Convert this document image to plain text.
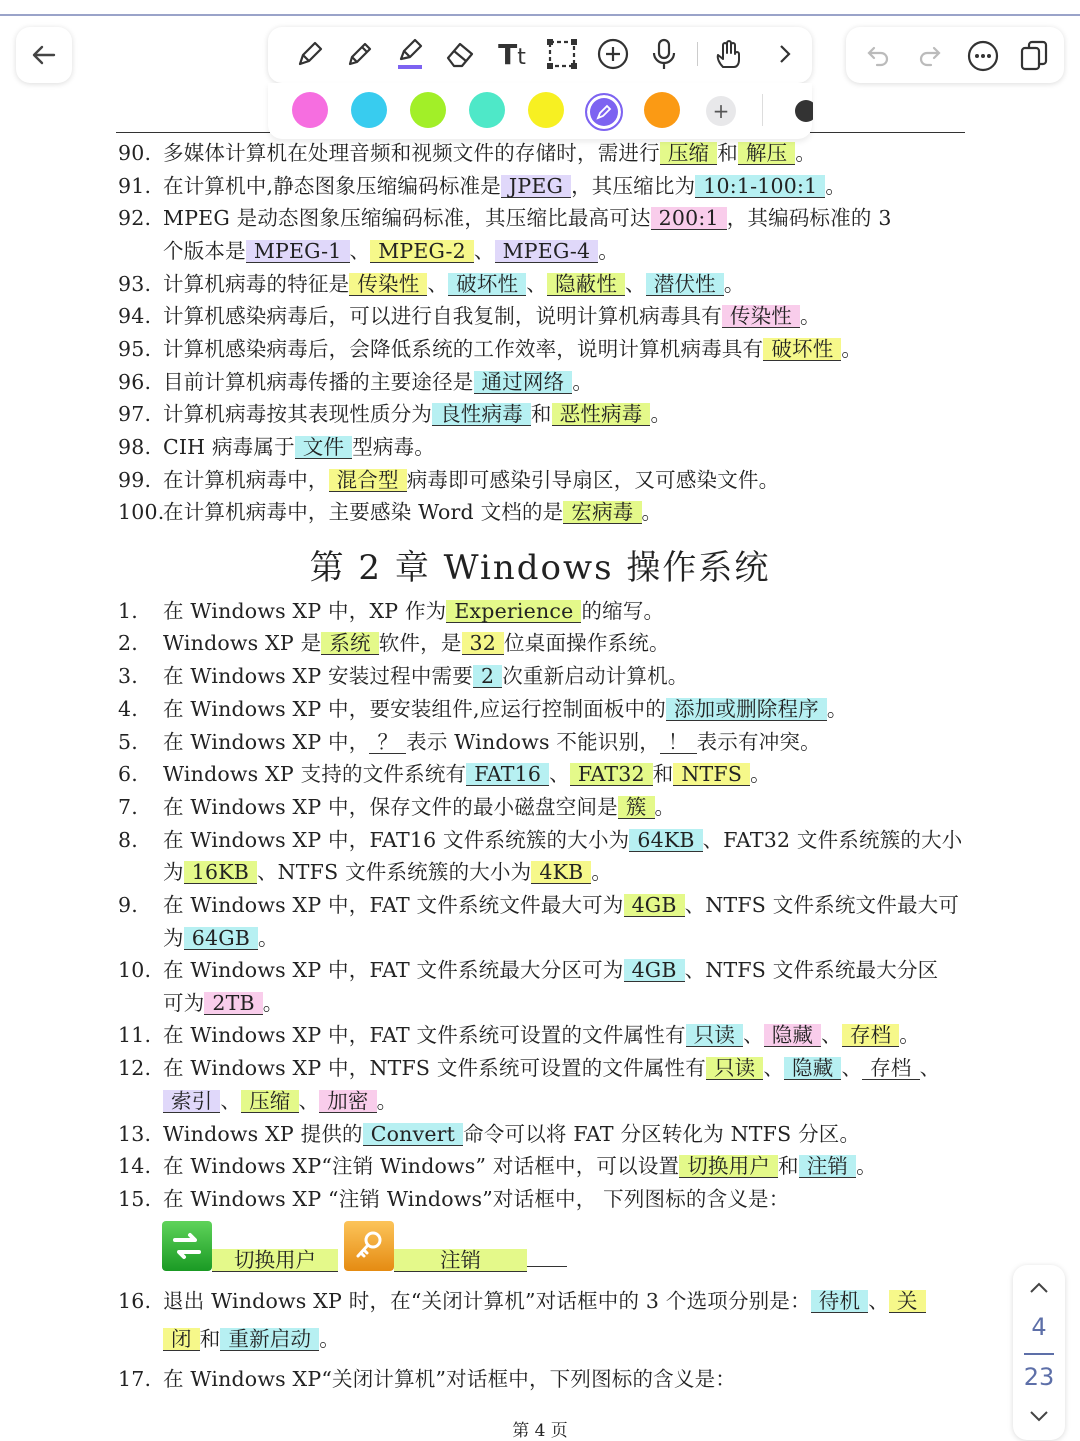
第 2 章 Windows 操作系统
切换用户	注销
第 4 页
90. 多媒体计算机在处理音频和视频文件的存储时，需进行 压缩 和 解压 。
91. 在计算机中,静态图象压缩编码标准是 JPEG ，其压缩比为 10:1-100:1 。
92. MPEG 是动态图象压缩编码标准，其压缩比最高可达 200:1 ，其编码标准的 3
个版本是 MPEG-1 、 MPEG-2 、 MPEG-4 。
93. 计算机病毒的特征是 传染性 、 破坏性 、 隐蔽性 、 潜伏性 。
94. 计算机感染病毒后，可以进行自我复制，说明计算机病毒具有 传染性 。
95. 计算机感染病毒后，会降低系统的工作效率，说明计算机病毒具有 破坏性 。
96. 目前计算机病毒传播的主要途径是 通过网络 。
97. 计算机病毒按其表现性质分为 良性病毒 和 恶性病毒 。
98. CIH 病毒属于 文件 型病毒。
99. 在计算机病毒中， 混合型 病毒即可感染引导扇区，又可感染文件。
100.在计算机病毒中，主要感染 Word 文档的是 宏病毒 。
1. 在 Windows XP 中，XP 作为 Experience 的缩写。
2. Windows XP 是 系统 软件，是 32 位桌面操作系统。
3. 在 Windows XP 安装过程中需要 2 次重新启动计算机。
4. 在 Windows XP 中，要安装组件,应运行控制面板中的 添加或删除程序 。
5. 在 Windows XP 中， ？ 表示 Windows 不能识别， ！ 表示有冲突。
6. Windows XP 支持的文件系统有 FAT16 、 FAT32 和 NTFS 。
7. 在 Windows XP 中，保存文件的最小磁盘空间是 簇 。
8. 在 Windows XP 中，FAT16 文件系统簇的大小为 64KB 、FAT32 文件系统簇的大小
为 16KB 、NTFS 文件系统簇的大小为 4KB 。
9. 在 Windows XP 中，FAT 文件系统文件最大可为 4GB 、NTFS 文件系统文件最大可
为 64GB 。
10. 在 Windows XP 中，FAT 文件系统最大分区可为 4GB 、NTFS 文件系统最大分区
可为 2TB 。
11. 在 Windows XP 中，FAT 文件系统可设置的文件属性有 只读 、 隐藏 、 存档 。
12. 在 Windows XP 中，NTFS 文件系统可设置的文件属性有 只读 、 隐藏 、 存档 、
索引 、 压缩 、 加密 。
13. Windows XP 提供的 Convert 命令可以将 FAT 分区转化为 NTFS 分区。
14. 在 Windows XP“注销 Windows” 对话框中，可以设置 切换用户 和 注销 。
15. 在 Windows XP “注销 Windows”对话框中， 下列图标的含义是：
16. 退出 Windows XP 时，在“关闭计算机”对话框中的 3 个选项分别是： 待机 、 关
闭 和 重新启动 。
17. 在 Windows XP“关闭计算机”对话框中，下列图标的含义是：
T t
+
4
23
